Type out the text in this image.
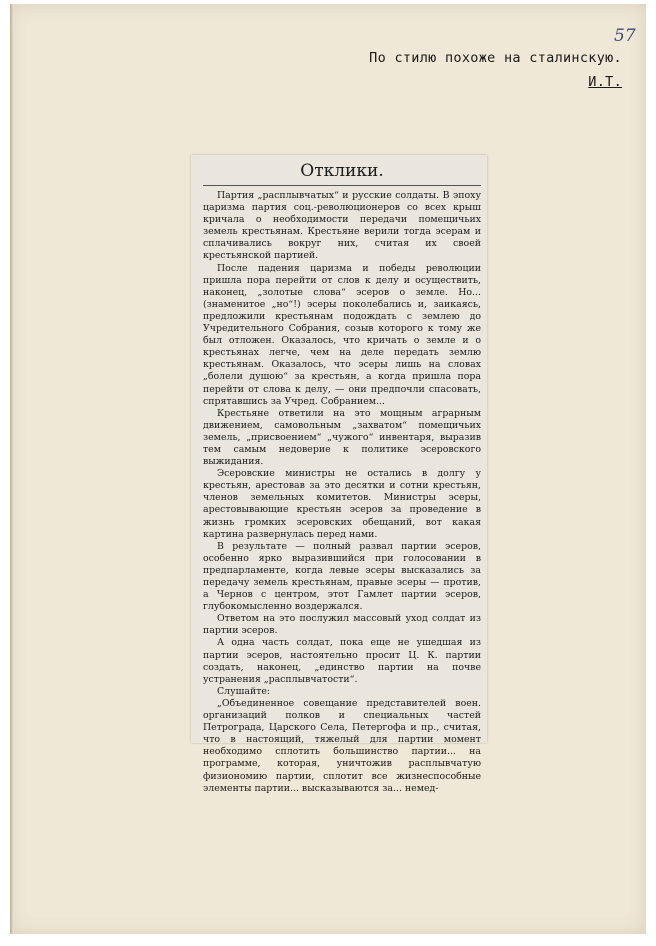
57

По стилю похоже на сталинскую.

И.Т.

Отклики.

Партия „расплывчатых“ и русские солдаты. В эпоху царизма партия соц.-революционеров со всех крыш кричала о необходимости передачи помещичьих земель крестьянам. Крестьяне верили тогда эсерам и сплачивались вокруг них, считая их своей крестьянской партией.

После падения царизма и победы революции пришла пора перейти от слов к делу и осуществить, наконец, „золотые слова“ эсеров о земле. Но... (знаменитое „но“!) эсеры поколебались и, заикаясь, предложили крестьянам подождать с землею до Учредительного Собрания, созыв которого к тому же был отложен. Оказалось, что кричать о земле и о крестьянах легче, чем на деле передать землю крестьянам. Оказалось, что эсеры лишь на словах „болели душою“ за крестьян, а когда пришла пора перейти от слова к делу, — они предпочли спасовать, спрятавшись за Учред. Собранием...

Крестьяне ответили на это мощным аграрным движением, самовольным „захватом“ помещичьих земель, „присвоением“ „чужого“ инвентаря, выразив тем самым недоверие к политике эсеровского выжидания.

Эсеровские министры не остались в долгу у крестьян, арестовав за это десятки и сотни крестьян, членов земельных комитетов. Министры эсеры, арестовывающие крестьян эсеров за проведение в жизнь громких эсеровских обещаний, вот какая картина развернулась перед нами.

В результате — полный развал партии эсеров, особенно ярко выразившийся при голосовании в предпарламенте, когда левые эсеры высказались за передачу земель крестьянам, правые эсеры — против, а Чернов с центром, этот Гамлет партии эсеров, глубокомысленно воздержался.

Ответом на это послужил массовый уход солдат из партии эсеров.

А одна часть солдат, пока еще не ушедшая из партии эсеров, настоятельно просит Ц. К. партии создать, наконец, „единство партии на почве устранения „расплывчатости“.

Слушайте:

„Объединенное совещание представителей воен. организаций полков и специальных частей Петрограда, Царского Села, Петергофа и пр., считая, что в настоящий, тяжелый для партии момент необходимо сплотить большинство партии... на программе, которая, уничтожив расплывчатую физиономию партии, сплотит все жизнеспособные элементы партии... высказываются за... немед-
